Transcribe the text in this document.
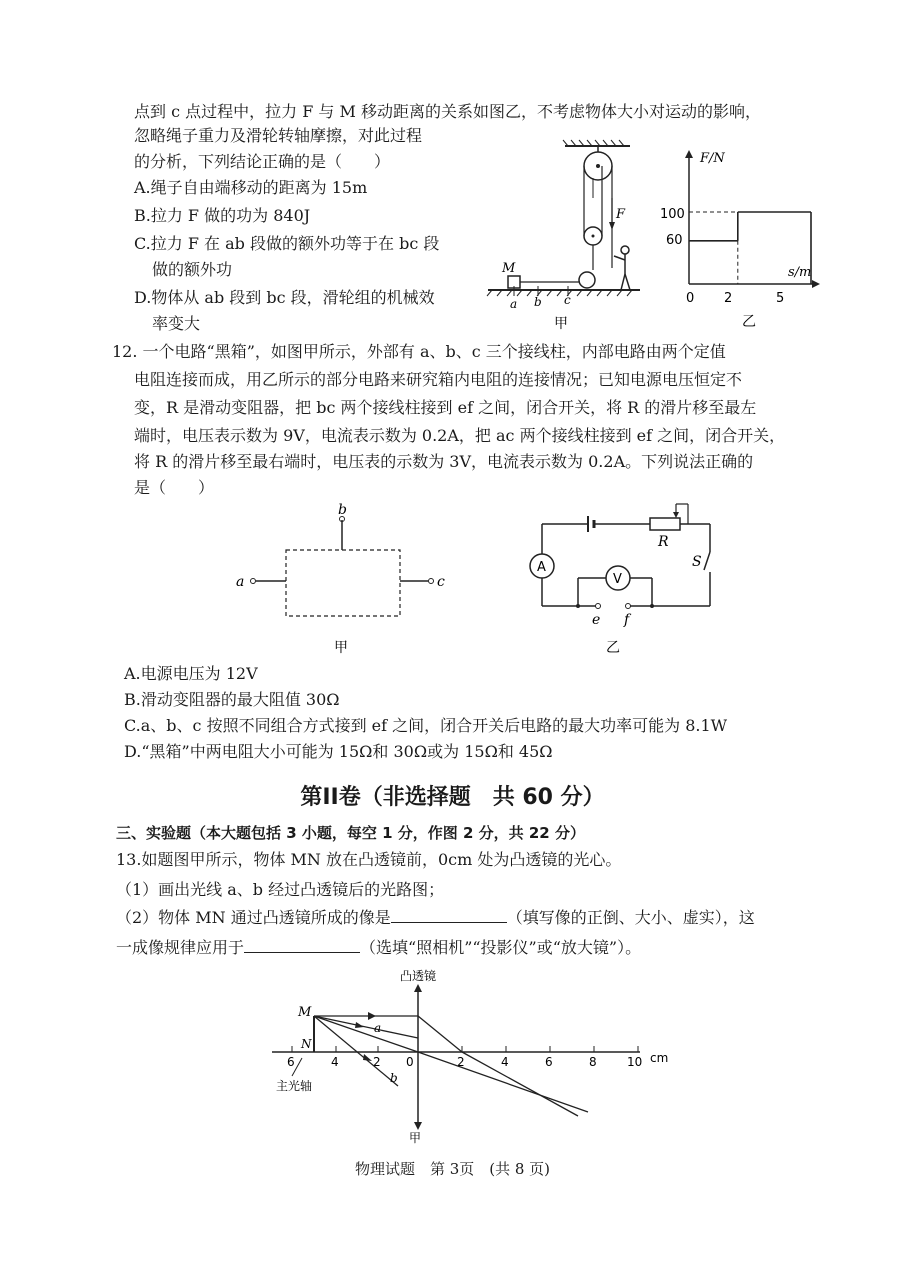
点到 c 点过程中，拉力 F 与 M 移动距离的关系如图乙，不考虑物体大小对运动的影响，
忽略绳子重力及滑轮转轴摩擦，对此过程
的分析，下列结论正确的是（　　）
A.绳子自由端移动的距离为 15m
B.拉力 F 做的功为 840J
C.拉力 F 在 ab 段做的额外功等于在 bc 段
做的额外功
D.物体从 ab 段到 bc 段，滑轮组的机械效
率变大
F
M
a b c
甲
F/N
s/m
100
60
0 2	5
乙
12. 一个电路“黑箱”，如图甲所示，外部有 a、b、c 三个接线柱，内部电路由两个定值
电阻连接而成，用乙所示的部分电路来研究箱内电阻的连接情况；已知电源电压恒定不
变，R 是滑动变阻器，把 bc 两个接线柱接到 ef 之间，闭合开关，将 R 的滑片移至最左
端时，电压表示数为 9V，电流表示数为 0.2A，把 ac 两个接线柱接到 ef 之间，闭合开关，
将 R 的滑片移至最右端时，电压表的示数为 3V，电流表示数为 0.2A。下列说法正确的
是（　　）
b
a	c
甲
R
S
A
e f
V
乙
A.电源电压为 12V
B.滑动变阻器的最大阻值 30Ω
C.a、b、c 按照不同组合方式接到 ef 之间，闭合开关后电路的最大功率可能为 8.1W
D.“黑箱”中两电阻大小可能为 15Ω和 30Ω或为 15Ω和 45Ω
第II卷（非选择题　共 60 分）
三、实验题（本大题包括 3 小题，每空 1 分，作图 2 分，共 22 分）
13.如题图甲所示，物体 MN 放在凸透镜前，0cm 处为凸透镜的光心。
（1）画出光线 a、b 经过凸透镜后的光路图；
（2）物体 MN 通过凸透镜所成的像是	（填写像的正倒、大小、虚实），这
一成像规律应用于	（选填“照相机”“投影仪”或“放大镜”）。
凸透镜
6	4	2 0	2	4	6	8	10 cm
M
N
a
b
主光轴
甲
物理试题　第 3页　(共 8 页)
